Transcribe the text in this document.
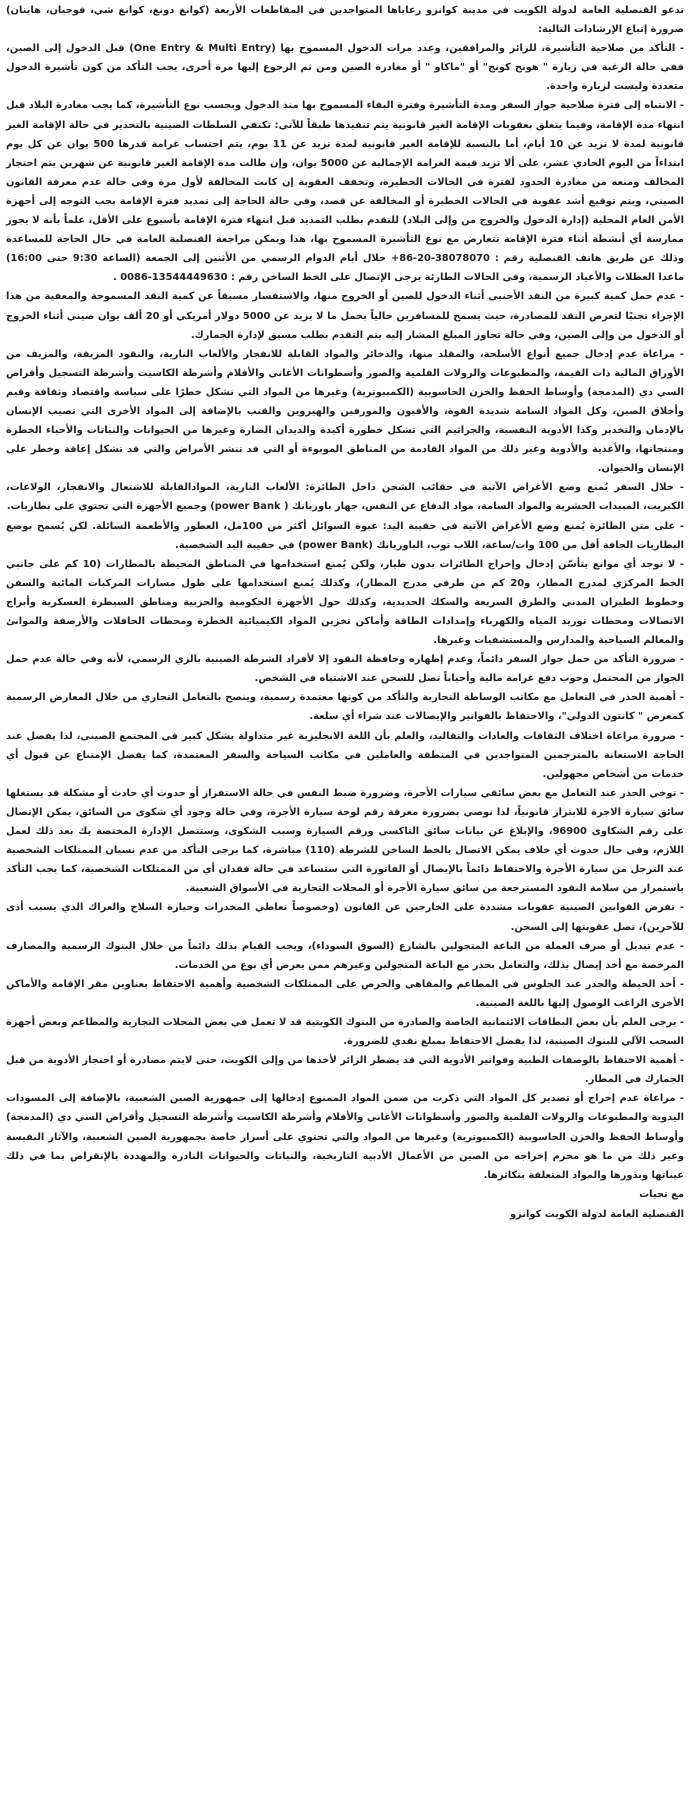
تدعو القنصلية العامة لدولة الكويت في مدينة كوانزو رعاياها المتواجدين في المقاطعات الأربعة (كوانغ دونغ، كوانغ شي، فوجيان، هاينان) ضرورة إتباع الإرشادات التالية:

- التأكد من صلاحية التأشيرة، للزائر والمرافقين، وعدد مرات الدخول المسموح بها (One Entry & Multi Entry) قبل الدخول إلى الصين، ففي حالة الرغبة في زيارة " هونج كونج" أو "ماكاو " أو مغادرة الصين ومن ثم الرجوع إليها مرة أخرى، يجب التأكد من كون تأشيرة الدخول متعددة وليست لزيارة واحدة.

- الانتباه إلى فترة صلاحية جواز السفر ومدة التأشيرة وفترة البقاء المسموح بها منذ الدخول وبحسب نوع التأشيرة، كما يجب مغادرة البلاد قبل انتهاء مدة الإقامة، وفيما يتعلق بعقوبات الإقامة الغير قانونية يتم تنفيذها طبقاً للآتي: تكتفي السلطات الصينية بالتحذير في حالة الإقامة الغير قانونية لمدة لا تزيد عن 10 أيام، أما بالنسبة للإقامة الغير قانونية لمدة تزيد عن 11 يوم، يتم احتساب غرامة قدرها 500 يوان عن كل يوم ابتداءاً من اليوم الحادي عشر، على ألا تزيد قيمة الغرامة الإجمالية عن 5000 يوان، وإن طالت مدة الإقامة الغير قانونية عن شهرين يتم احتجاز المخالف ومنعه من مغادرة الحدود لفترة في الحالات الخطيرة، وتخفف العقوبة إن كانت المخالفة لأول مرة وفي حالة عدم معرفة القانون الصيني، ويتم توقيع أشد عقوبة في الحالات الخطيرة أو المخالفة عن قصد، وفي حالة الحاجة إلى تمديد فترة الإقامة يجب التوجه إلى أجهزة الأمن العام المحلية (إدارة الدخول والخروج من وإلى البلاد) للتقدم بطلب التمديد قبل انتهاء فترة الإقامة بأسبوع على الأقل، علماً بأنه لا يجوز ممارسة أي أنشطة أثناء فترة الإقامة تتعارض مع نوع التأشيرة المسموح بها، هذا ويمكن مراجعة القنصلية العامة في حال الحاجة للمساعدة وذلك عن طريق هاتف القنصلية رقم : 38078070-20-86+ خلال أيام الدوام الرسمي من الأثنين إلى الجمعة (الساعة 9:30 حتى 16:00) ماعدا العطلات والأعياد الرسمية، وفي الحالات الطارئة يرجى الإتصال على الخط الساخن رقم : 13544449630-0086 .

- عدم حمل كمية كبيرة من النقد الأجنبي أثناء الدخول للصين أو الخروج منها، والاستفسار مسبقاً عن كمية النقد المسموحة والمعفية من هذا الإجراء تجنبًا لتعرض النقد للمصادرة، حيث يسمح للمسافرين حالياً بحمل ما لا يزيد عن 5000 دولار أمريكي أو 20 ألف يوان صيني أثناء الخروج أو الدخول من وإلى الصين، وفي حالة تجاوز المبلغ المشار إليه يتم التقدم بطلب مسبق لإدارة الجمارك.

- مراعاة عدم إدخال جميع أنواع الأسلحة، والمقلد منها، والذخائر والمواد القابلة للانفجار والألعاب النارية، والنقود المزيفة، والمزيف من الأوراق المالية ذات القيمة، والمطبوعات والرولات الفلمية والصور وأسطوانات الأغاني والأفلام وأشرطة الكاسيت وأشرطة التسجيل وأقراص السي دي (المدمجة) وأوساط الحفظ والخزن الحاسوبية (الكمبيوترية) وغيرها من المواد التي تشكل خطرًا على سياسة واقتصاد وثقافة وقيم وأخلاق الصين، وكل المواد السامة شديدة القوة، والأفيون والمورفين والهيروين والقنب بالإضافة إلى المواد الأخرى التي تصيب الإنسان بالإدمان والتخدير وكذا الأدوية النفسية، والجراثيم التي تشكل خطورة أكيدة والديدان الضارة وغيرها من الحيوانات والنباتات والأحياء الخطرة ومنتجاتها، والأغذية والأدوية وغير ذلك من المواد القادمة من المناطق الموبوءة أو التي قد تنشر الأمراض والتي قد تشكل إعاقة وخطر على الإنسان والحيوان.

- خلال السفر يُمنع وضع الأغراض الآتية في حقائب الشحن داخل الطائرة: الألعاب النارية، الموادالقابلة للاشتعال والانفجار، الولاعات، الكبريت، المبيدات الحشرية والمواد السامة، مواد الدفاع عن النفس، جهاز باوربانك ( power Bank) وجميع الأجهزة التي تحتوي على بطاريات.

- على متن الطائرة يُمنع وضع الأغراض الآتية في حقيبة اليد: عبوة السوائل أكثر من 100مل، العطور والأطعمة السائلة. لكن يُسمح بوضع البطاريات الجافة أقل من 100 وات/ساعة، اللاب توب، الباوربانك (power Bank) في حقيبة اليد الشخصية.

- لا توجد أي موانع يتأسّن إدخال وإخراج الطائرات بدون طيار، ولكن يُمنع استخدامها في المناطق المحيطة بالمطارات (10 كم على جانبي الخط المركزي لمدرج المطار، و20 كم من طرفي مدرج المطار)، وكذلك يُمنع استخدامها على طول مسارات المركبات المائية والسفن وخطوط الطيران المدني والطرق السريعة والسكك الحديدية، وكذلك حول الأجهزة الحكومية والحزبية ومناطق السيطرة العسكرية وأبراج الاتصالات ومحطات توريد المياه والكهرباء وإمدادات الطاقة وأماكن تخزين المواد الكيميائية الخطرة ومحطات الحافلات والأرصفة والموانئ والمعالم السياحية والمدارس والمستشفيات وغيرها.

- ضرورة التأكد من حمل جواز السفر دائماً، وعدم إظهاره وحافظة النقود إلا لأفراد الشرطة الصينية بالزي الرسمي، لأنه وفي حالة عدم حمل الجواز من المحتمل وجوب دفع غرامة مالية وأحياناً تصل للسجن عند الاشتباه في الشخص.

- أهمية الحذر في التعامل مع مكاتب الوساطة التجارية والتأكد من كونها معتمدة رسمية، وينصح بالتعامل التجاري من خلال المعارض الرسمية كمعرض " كانتون الدولي"، والاحتفاظ بالفواتير والإيصالات عند شراء أي سلعة.

- ضرورة مراعاة اختلاف الثقافات والعادات والتقاليد، والعلم بأن اللغة الانجليزية غير متداولة بشكل كبير في المجتمع الصيني، لذا يفضل عند الحاجة الاستعانة بالمترجمين المتواجدين في المنطقة والعاملين في مكاتب السياحة والسفر المعتمدة، كما يفضل الإمتناع عن قبول أي خدمات من أشخاص مجهولين.

- توخي الحذر عند التعامل مع بعض سائقي سيارات الأجرة، وضرورة ضبط النفس في حالة الاستفزاز أو حدوث أي حادث أو مشكلة قد يستغلها سائق سيارة الاجرة للابتزاز قانونياً، لذا نوصي بضرورة معرفة رقم لوحة سيارة الأجرة، وفي حالة وجود أي شكوى من السائق، يمكن الإتصال على رقم الشكاوى 96900، والإبلاغ عن بيانات سائق التاكسي ورقم السيارة وسبب الشكوى، وستتصل الإدارة المختصة بك بعد ذلك لعمل اللازم، وفي حال حدوث أي خلاف يمكن الاتصال بالخط الساخن للشرطة (110) مباشرة، كما يرجى التأكد من عدم نسيان الممتلكات الشخصية عند الترجل من سيارة الأجرة والاحتفاظ دائماً بالإيصال أو الفاتورة التي ستساعد في حالة فقدان أي من الممتلكات الشخصية، كما يجب التأكد باستمرار من سلامة النقود المسترجعة من سائق سيارة الأجرة أو المحلات التجارية في الأسواق الشعبية.

- تفرض القوانين الصينية عقوبات مشددة على الخارجين عن القانون (وخصوصاً تعاطي المخدرات وحيازة السلاح والعراك الذي يسبب أذى للآخرين)، تصل عقوبتها إلى السجن.

- عدم تبديل أو صرف العملة من الباعة المتجولين بالشارع (السوق السوداء)، ويجب القيام بذلك دائماً من خلال البنوك الرسمية والمصارف المرخصة مع أخذ إيصال بذلك، والتعامل بحذر مع الباعة المتجولين وغيرهم ممن يعرض أي نوع من الخدمات.

- أخذ الحيطة والحذر عند الجلوس في المطاعم والمقاهي والحرص على الممتلكات الشخصية وأهمية الاحتفاظ بعناوين مقر الإقامة والأماكن الأخرى الراغب الوصول إليها باللغة الصينية.

- يرجى العلم بأن بعض البطاقات الائتمانية الخاصة والصادرة من البنوك الكويتية قد لا تعمل في بعض المحلات التجارية والمطاعم وبعض أجهزة السحب الآلي للبنوك الصينية، لذا يفضل الاحتفاظ بمبلغ نقدي للضرورة.

- أهمية الاحتفاظ بالوصفات الطبية وفواتير الأدوية التي قد يضطر الزائر لأخذها من وإلى الكويت، حتى لايتم مصادرة أو احتجاز الأدوية من قبل الجمارك في المطار.

- مراعاة عدم إخراج أو تصدير كل المواد التي ذكرت من ضمن المواد الممنوع إدخالها إلى جمهورية الصين الشعبية، بالإضافة إلى المسودات اليدوية والمطبوعات والرولات الفلمية والصور وأسطوانات الأغاني والأفلام وأشرطة الكاسيت وأشرطة التسجيل وأقراص السي دي (المدمجة) وأوساط الحفظ والخزن الحاسوبية (الكمبيوترية) وغيرها من المواد والتي تحتوي على أسرار خاصة بجمهورية الصين الشعبية، والآثار النفيسة وغير ذلك من ما هو محرم إخراجه من الصين من الأعمال الأدبية التاريخية، والنباتات والحيوانات النادرة والمهددة بالإنقراض بما في ذلك عيناتها وبذورها والمواد المتعلقة بتكاثرها.

مع تحيات

القنصلية العامة لدولة الكويت كوانزو
